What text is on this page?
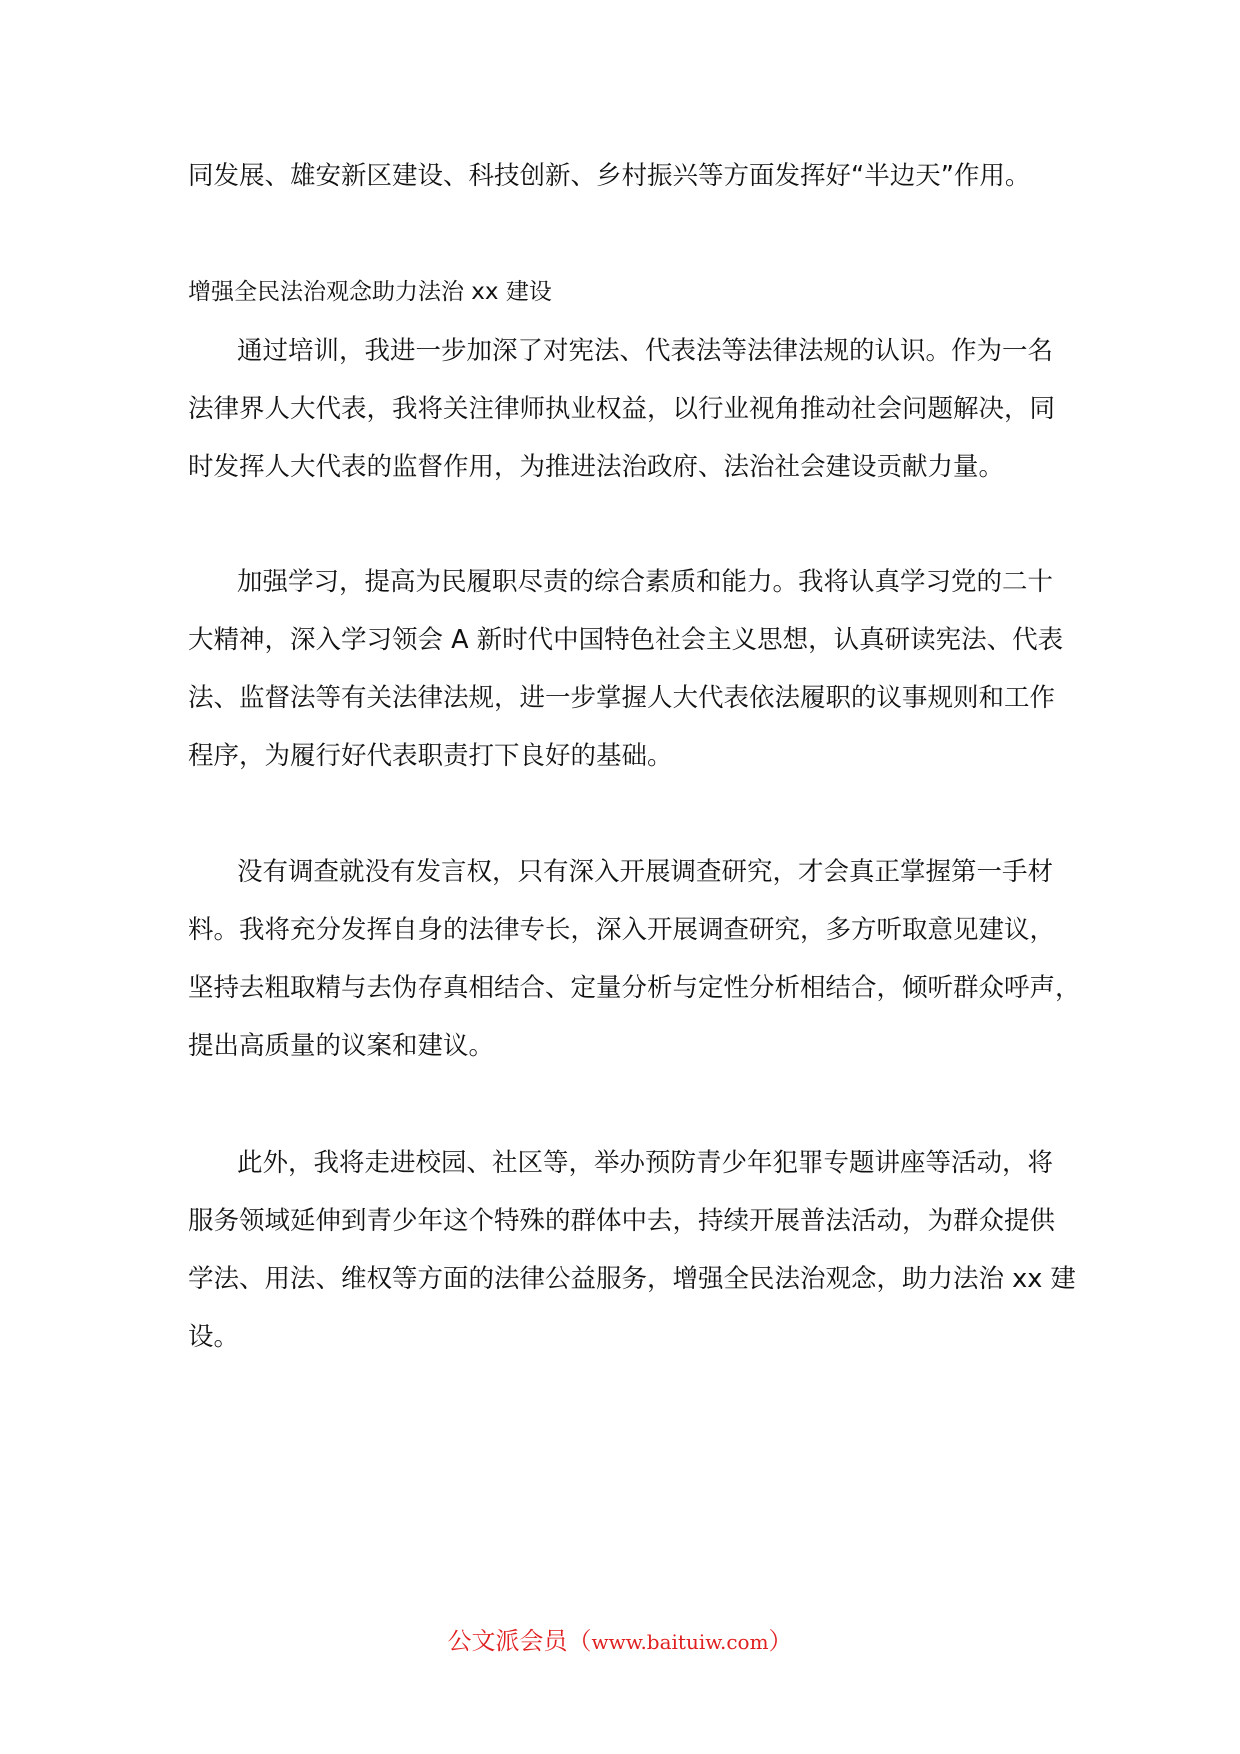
同发展、雄安新区建设、科技创新、乡村振兴等方面发挥好“半边天”作用。
增强全民法治观念助力法治 xx 建设
通过培训，我进一步加深了对宪法、代表法等法律法规的认识。作为一名
法律界人大代表，我将关注律师执业权益，以行业视角推动社会问题解决，同
时发挥人大代表的监督作用，为推进法治政府、法治社会建设贡献力量。
加强学习，提高为民履职尽责的综合素质和能力。我将认真学习党的二十
大精神，深入学习领会 A 新时代中国特色社会主义思想，认真研读宪法、代表
法、监督法等有关法律法规，进一步掌握人大代表依法履职的议事规则和工作
程序，为履行好代表职责打下良好的基础。
没有调查就没有发言权，只有深入开展调查研究，才会真正掌握第一手材
料。我将充分发挥自身的法律专长，深入开展调查研究，多方听取意见建议，
坚持去粗取精与去伪存真相结合、定量分析与定性分析相结合，倾听群众呼声，
提出高质量的议案和建议。
此外，我将走进校园、社区等，举办预防青少年犯罪专题讲座等活动，将
服务领域延伸到青少年这个特殊的群体中去，持续开展普法活动，为群众提供
学法、用法、维权等方面的法律公益服务，增强全民法治观念，助力法治 xx 建
设。
公文派会员（www.baituiw.com）
